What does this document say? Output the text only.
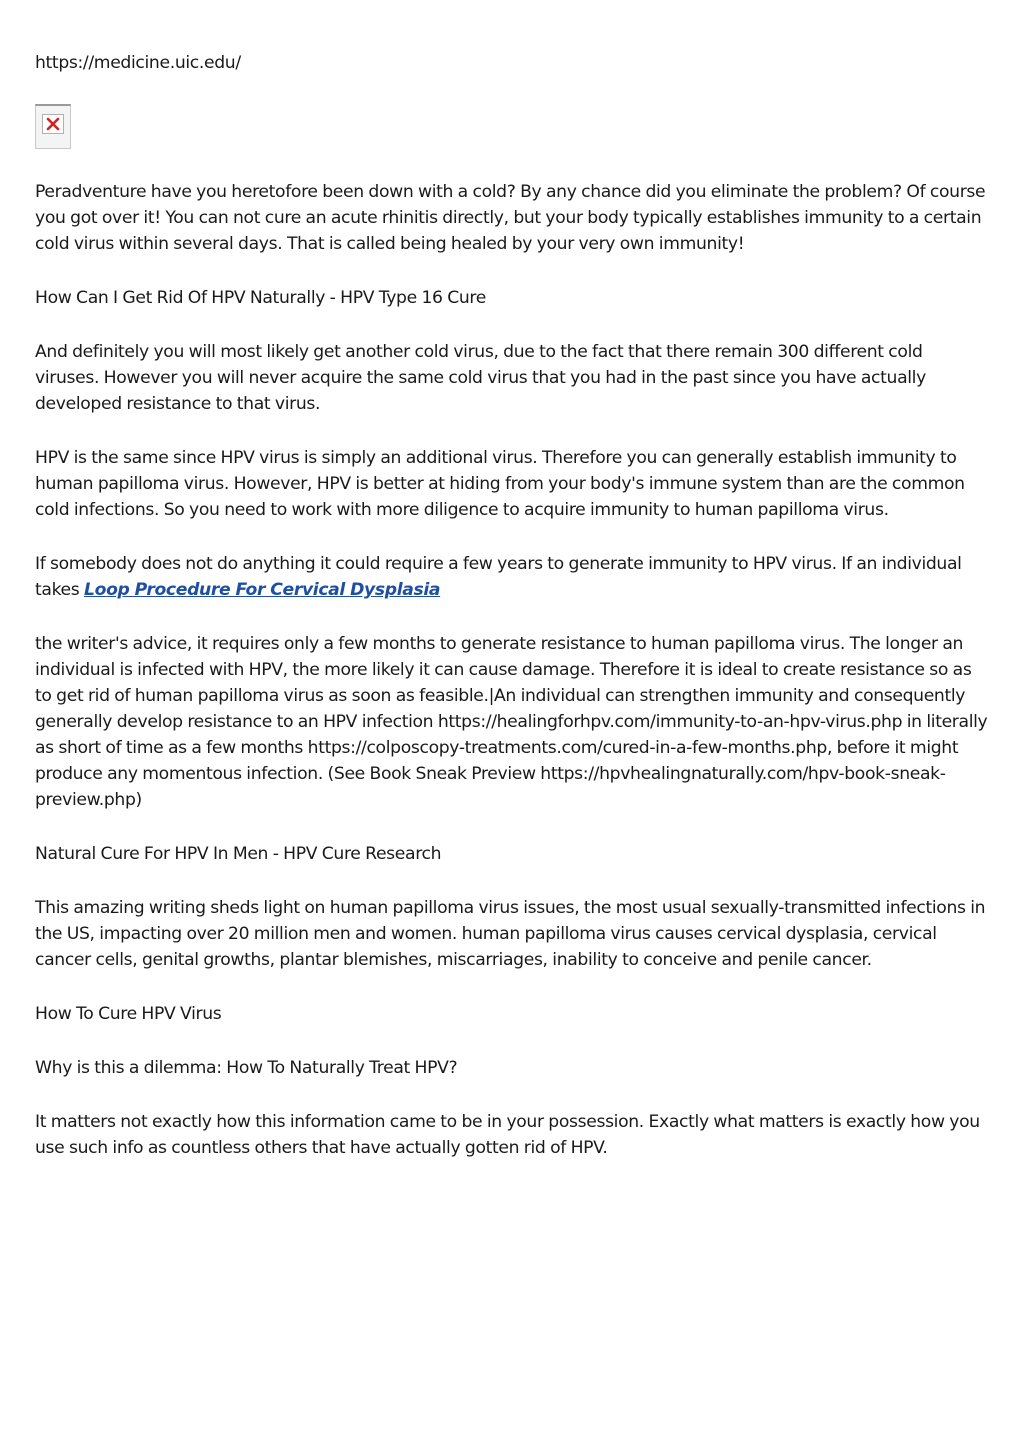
https://medicine.uic.edu/

Peradventure have you heretofore been down with a cold? By any chance did you eliminate the problem? Of course you got over it! You can not cure an acute rhinitis directly, but your body typically establishes immunity to a certain cold virus within several days. That is called being healed by your very own immunity!

How Can I Get Rid Of HPV Naturally - HPV Type 16 Cure

And definitely you will most likely get another cold virus, due to the fact that there remain 300 different cold viruses. However you will never acquire the same cold virus that you had in the past since you have actually developed resistance to that virus.

HPV is the same since HPV virus is simply an additional virus. Therefore you can generally establish immunity to human papilloma virus. However, HPV is better at hiding from your body's immune system than are the common cold infections. So you need to work with more diligence to acquire immunity to human papilloma virus.

If somebody does not do anything it could require a few years to generate immunity to HPV virus. If an individual takes Loop Procedure For Cervical Dysplasia

the writer's advice, it requires only a few months to generate resistance to human papilloma virus. The longer an individual is infected with HPV, the more likely it can cause damage. Therefore it is ideal to create resistance so as to get rid of human papilloma virus as soon as feasible.|An individual can strengthen immunity and consequently generally develop resistance to an HPV infection https://healingforhpv.com/immunity-to-an-hpv-virus.php in literally as short of time as a few months https://colposcopy-treatments.com/cured-in-a-few-months.php, before it might produce any momentous infection. (See Book Sneak Preview https://hpvhealingnaturally.com/hpv-book-sneak-preview.php)

Natural Cure For HPV In Men - HPV Cure Research

This amazing writing sheds light on human papilloma virus issues, the most usual sexually-transmitted infections in the US, impacting over 20 million men and women. human papilloma virus causes cervical dysplasia, cervical cancer cells, genital growths, plantar blemishes, miscarriages, inability to conceive and penile cancer.

How To Cure HPV Virus

Why is this a dilemma: How To Naturally Treat HPV?

It matters not exactly how this information came to be in your possession. Exactly what matters is exactly how you use such info as countless others that have actually gotten rid of HPV.
